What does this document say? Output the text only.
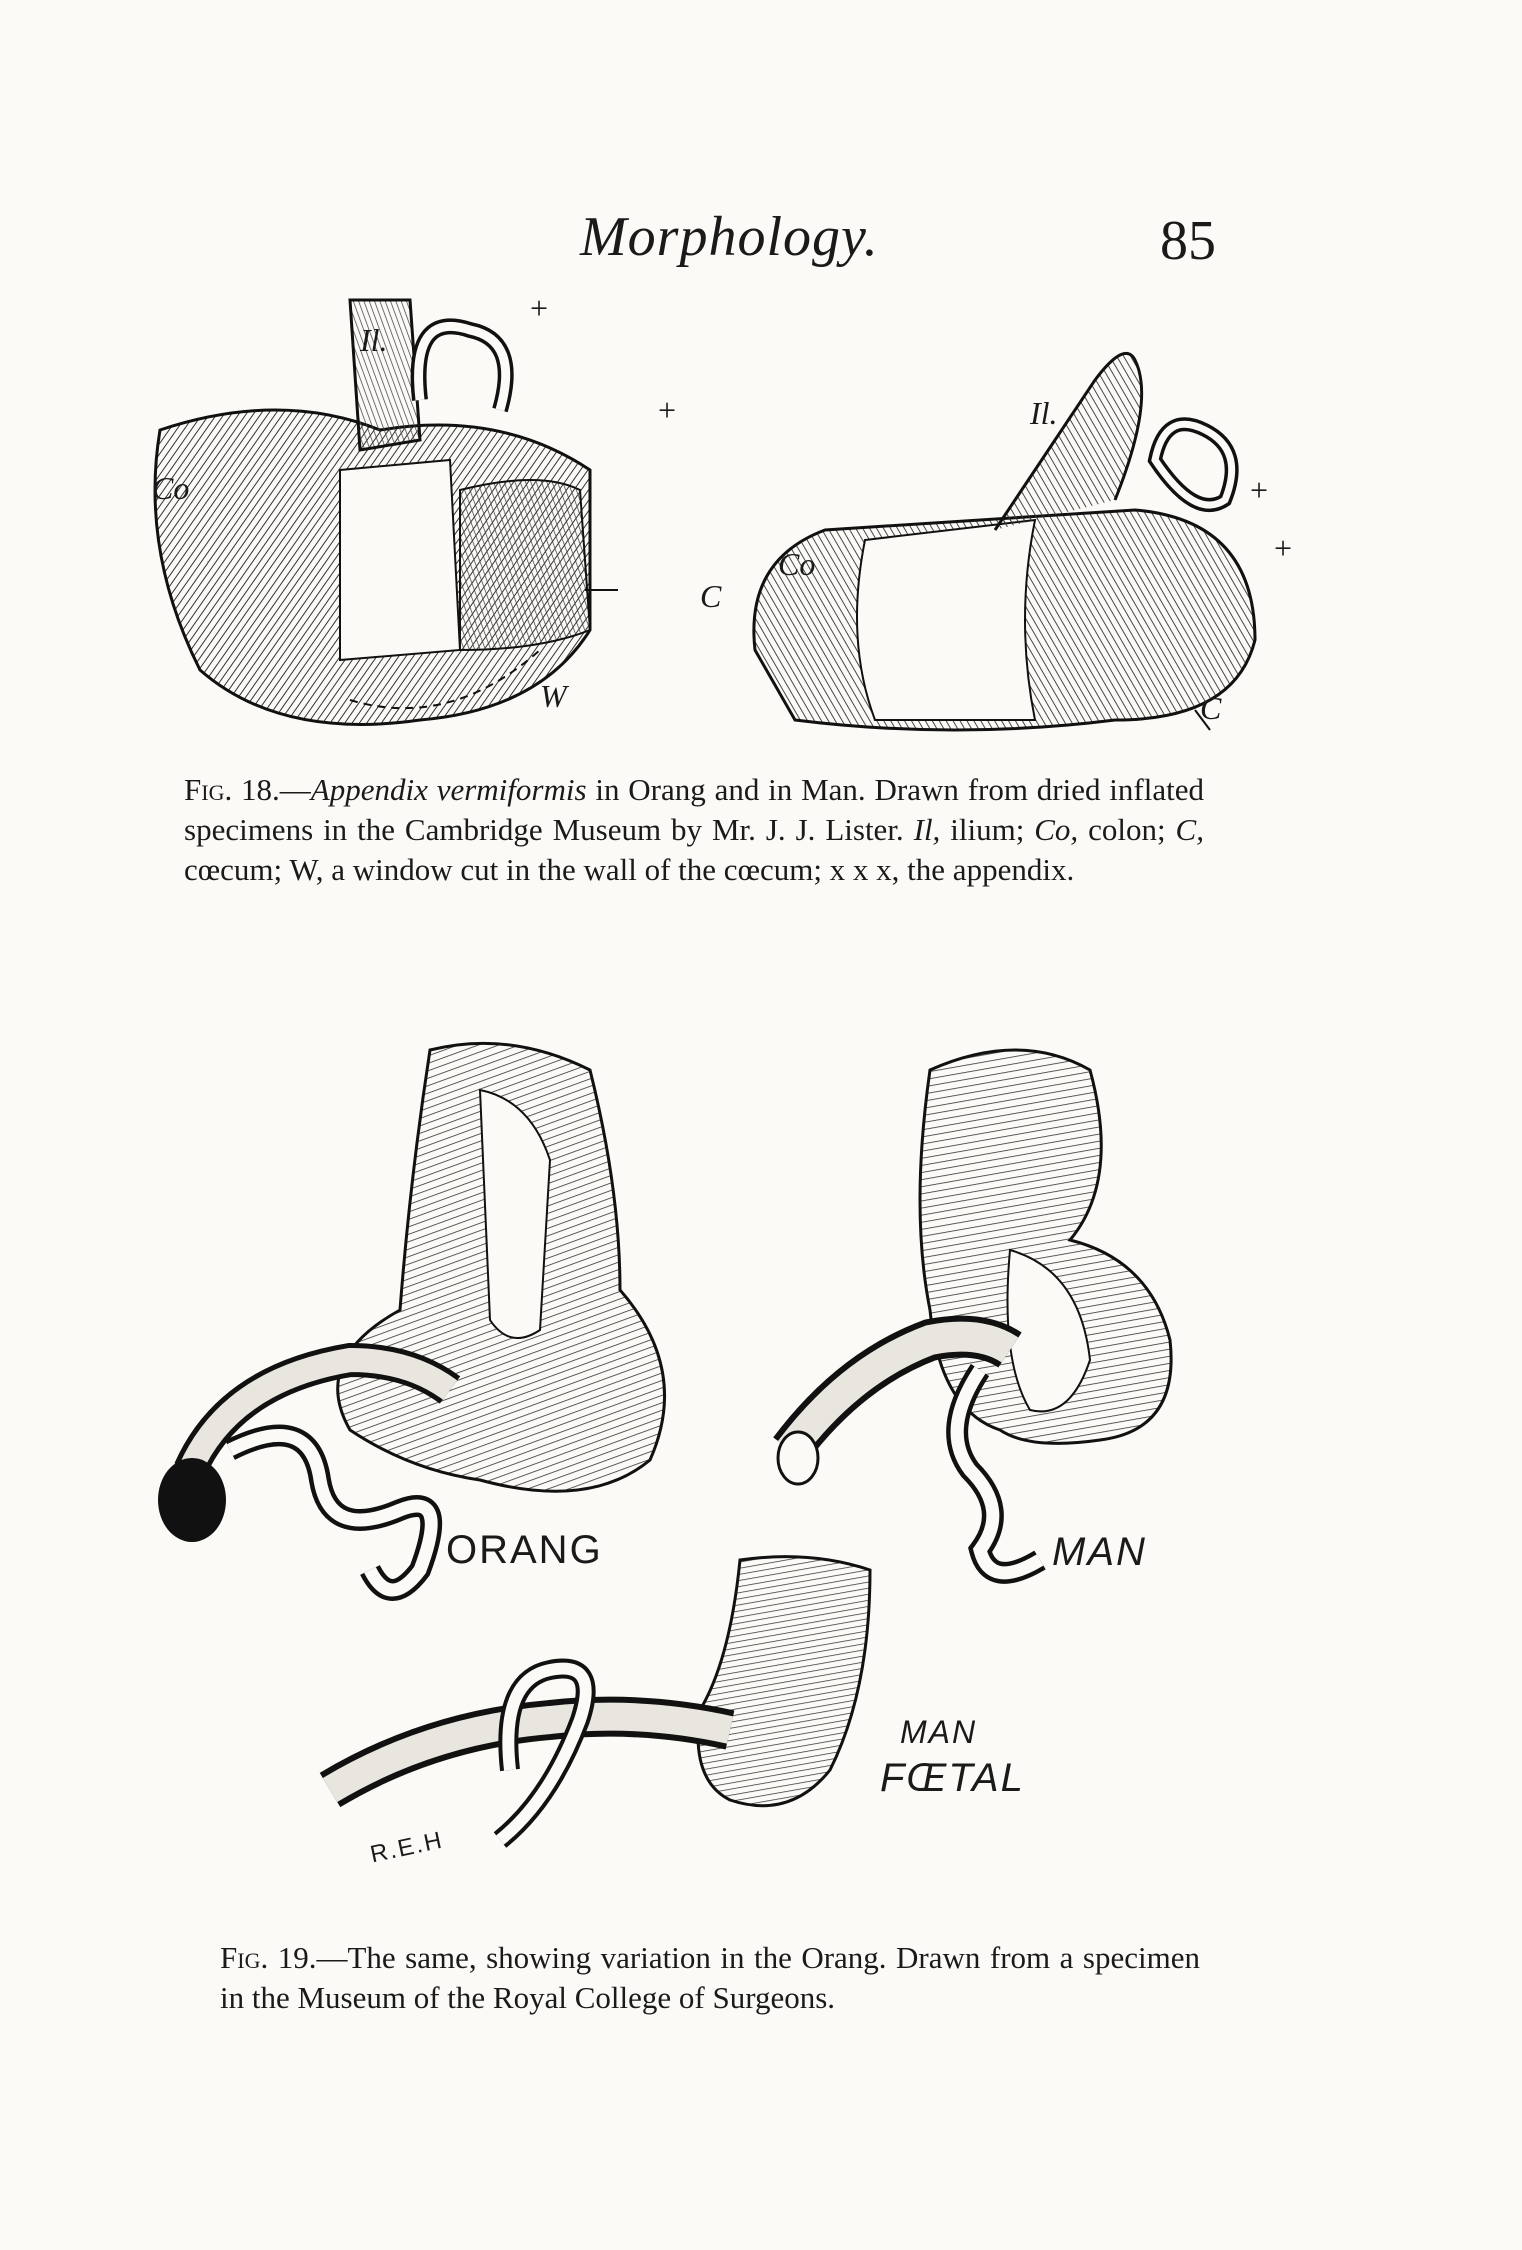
Morphology.	85
Il.
+
+
Co
C
W
Il.
Co
+
+
C
Fig. 18.—Appendix vermiformis in Orang and in Man. Drawn from dried inflated specimens in the Cambridge Museum by Mr. J. J. Lister. Il, ilium; Co, colon; C, cœcum; W, a window cut in the wall of the cœcum; x x x, the appendix.
ORANG	MAN
MAN
FŒTAL
R.E.H
Fig. 19.—The same, showing variation in the Orang. Drawn from a specimen in the Museum of the Royal College of Surgeons.
